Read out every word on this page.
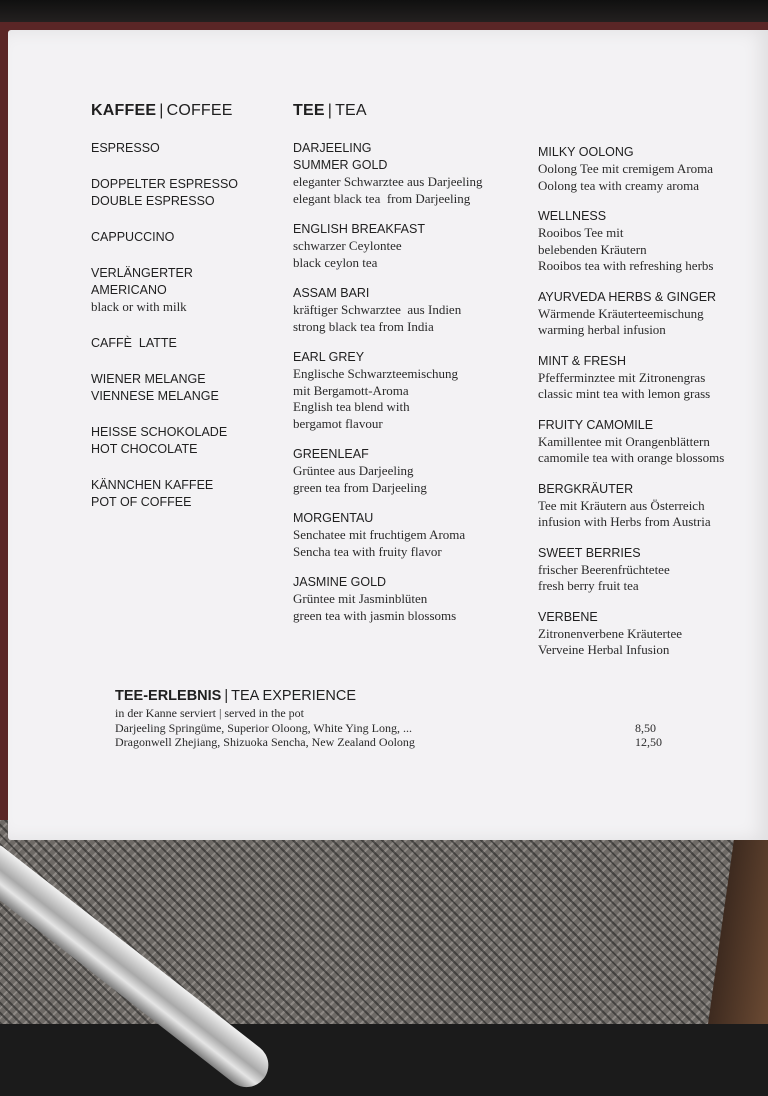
KAFFEE | COFFEE
ESPRESSO
DOPPELTER ESPRESSO
DOUBLE ESPRESSO
CAPPUCCINO
VERLÄNGERTER
AMERICANO
black or with milk
CAFFÈ  LATTE
WIENER MELANGE
VIENNESE MELANGE
HEISSE SCHOKOLADE
HOT CHOCOLATE
KÄNNCHEN KAFFEE
POT OF COFFEE
TEE | TEA
DARJEELING
SUMMER GOLD
eleganter Schwarztee aus Darjeeling
elegant black tea  from Darjeeling
ENGLISH BREAKFAST
schwarzer Ceylontee
black ceylon tea
ASSAM BARI
kräftiger Schwarztee  aus Indien
strong black tea from India
EARL GREY
Englische Schwarzteemischung
mit Bergamott-Aroma
English tea blend with
bergamot flavour
GREENLEAF
Grüntee aus Darjeeling
green tea from Darjeeling
MORGENTAU
Senchatee mit fruchtigem Aroma
Sencha tea with fruity flavor
JASMINE GOLD
Grüntee mit Jasminblüten
green tea with jasmin blossoms
MILKY OOLONG
Oolong Tee mit cremigem Aroma
Oolong tea with creamy aroma
WELLNESS
Rooibos Tee mit
belebenden Kräutern
Rooibos tea with refreshing herbs
AYURVEDA HERBS & GINGER
Wärmende Kräuterteemischung
warming herbal infusion
MINT & FRESH
Pfefferminztee mit Zitronengras
classic mint tea with lemon grass
FRUITY CAMOMILE
Kamillentee mit Orangenblättern
camomile tea with orange blossoms
BERGKRÄUTER
Tee mit Kräutern aus Österreich
infusion with Herbs from Austria
SWEET BERRIES
frischer Beerenfrüchtetee
fresh berry fruit tea
VERBENE
Zitronenverbene Kräutertee
Verveine Herbal Infusion
TEE-ERLEBNIS | TEA EXPERIENCE
in der Kanne serviert | served in the pot
Darjeeling Springüme, Superior Oloong, White Ying Long, ...	8,50
Dragonwell Zhejiang, Shizuoka Sencha, New Zealand Oolong	12,50
